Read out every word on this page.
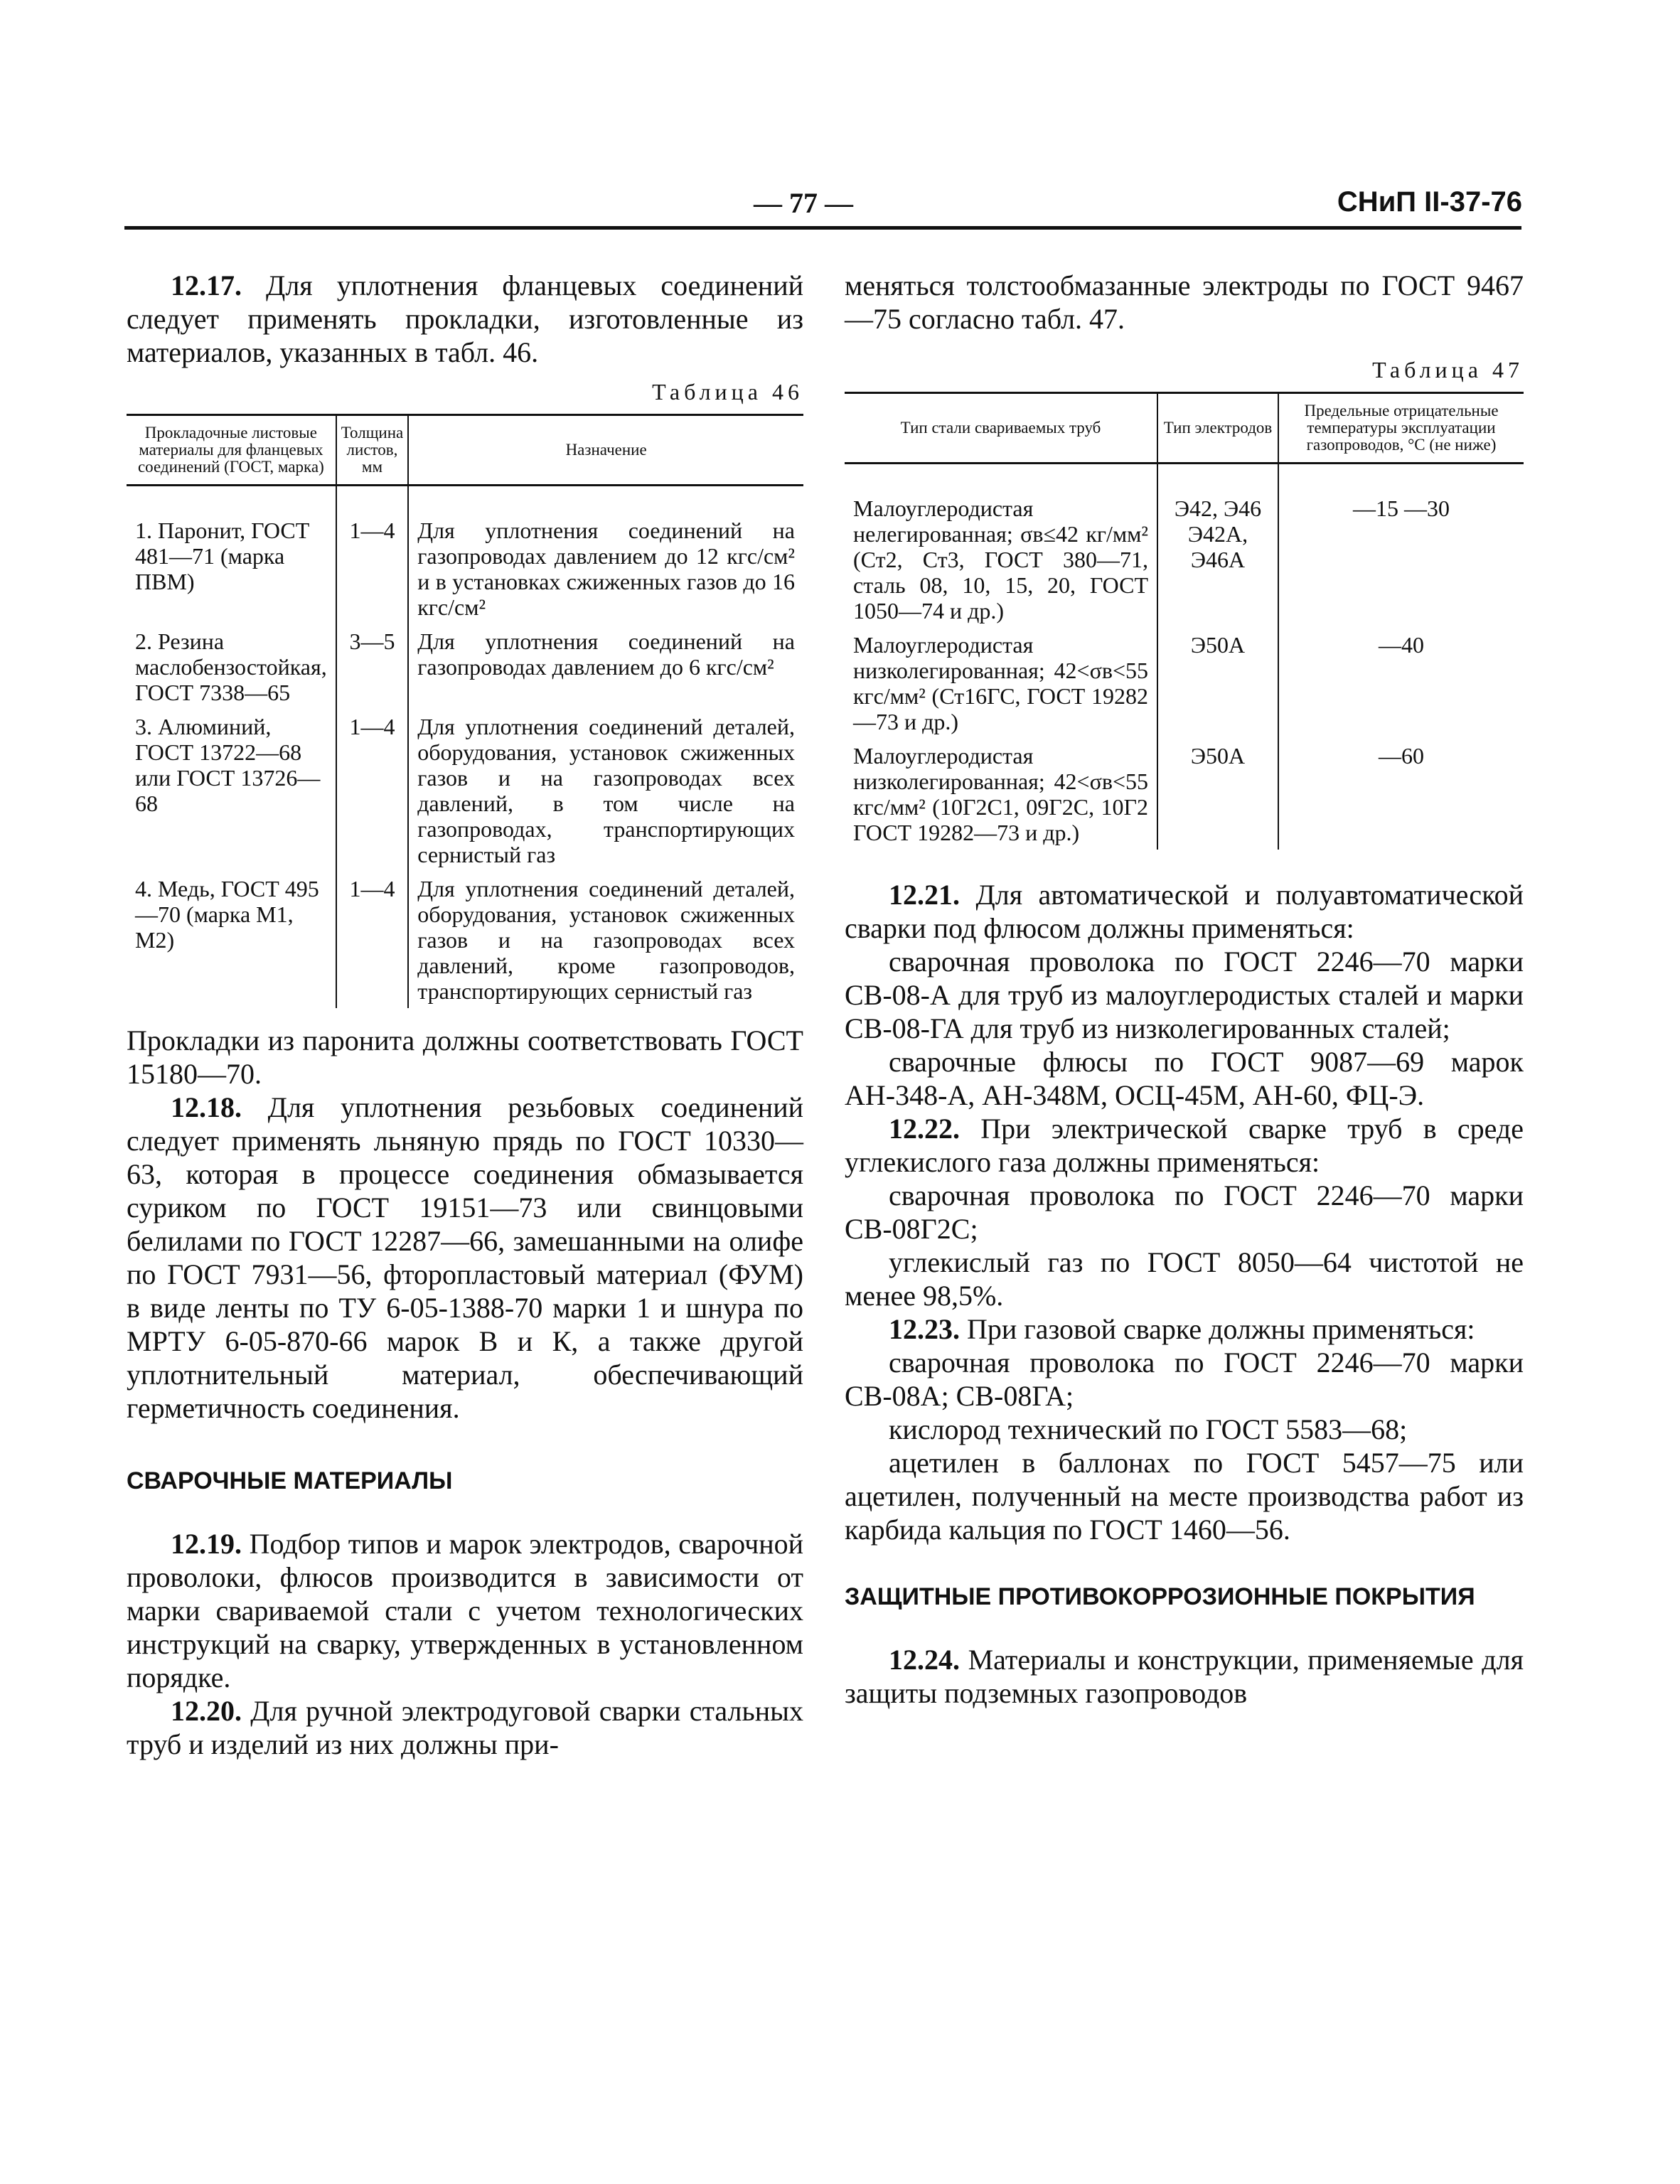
— 77 —	СНиП II-37-76

12.17. Для уплотнения фланцевых соединений следует применять прокладки, изготовленные из материалов, указанных в табл. 46.

Таблица 46
Прокладочные листовые материалы для фланцевых соединений (ГОСТ, марка)	Толщина листов, мм	Назначение
1. Паронит, ГОСТ 481—71 (марка ПВМ)	1—4	Для уплотнения соединений на газопроводах давлением до 12 кгс/см² и в установках сжиженных газов до 16 кгс/см²
2. Резина маслобензостойкая, ГОСТ 7338—65	3—5	Для уплотнения соединений на газопроводах давлением до 6 кгс/см²
3. Алюминий, ГОСТ 13722—68 или ГОСТ 13726—68	1—4	Для уплотнения соединений деталей, оборудования, установок сжиженных газов и на газопроводах всех давлений, в том числе на газопроводах, транспортирующих сернистый газ
4. Медь, ГОСТ 495—70 (марка М1, М2)	1—4	Для уплотнения соединений деталей, оборудования, установок сжиженных газов и на газопроводах всех давлений, кроме газопроводов, транспортирующих сернистый газ

Прокладки из паронита должны соответствовать ГОСТ 15180—70.

12.18. Для уплотнения резьбовых соединений следует применять льняную прядь по ГОСТ 10330—63, которая в процессе соединения обмазывается суриком по ГОСТ 19151—73 или свинцовыми белилами по ГОСТ 12287—66, замешанными на олифе по ГОСТ 7931—56, фторопластовый материал (ФУМ) в виде ленты по ТУ 6-05-1388-70 марки 1 и шнура по МРТУ 6-05-870-66 марок В и К, а также другой уплотнительный материал, обеспечивающий герметичность соединения.

СВАРОЧНЫЕ МАТЕРИАЛЫ

12.19. Подбор типов и марок электродов, сварочной проволоки, флюсов производится в зависимости от марки свариваемой стали с учетом технологических инструкций на сварку, утвержденных в установленном порядке.

12.20. Для ручной электродуговой сварки стальных труб и изделий из них должны при-

меняться толстообмазанные электроды по ГОСТ 9467—75 согласно табл. 47.

Таблица 47
Тип стали свариваемых труб	Тип электродов	Предельные отрицательные температуры эксплуатации газопроводов, °С (не ниже)
Малоуглеродистая нелегированная; σв≤42 кг/мм² (Ст2, Ст3, ГОСТ 380—71, сталь 08, 10, 15, 20, ГОСТ 1050—74 и др.)	Э42, Э46 Э42А, Э46А	—15 —30
Малоуглеродистая низколегированная; 42<σв<55 кгс/мм² (Ст16ГС, ГОСТ 19282—73 и др.)	Э50А	—40
Малоуглеродистая низколегированная; 42<σв<55 кгс/мм² (10Г2С1, 09Г2С, 10Г2 ГОСТ 19282—73 и др.)	Э50А	—60

12.21. Для автоматической и полуавтоматической сварки под флюсом должны применяться:

сварочная проволока по ГОСТ 2246—70 марки СВ-08-А для труб из малоуглеродистых сталей и марки СВ-08-ГА для труб из низколегированных сталей;

сварочные флюсы по ГОСТ 9087—69 марок АН-348-А, АН-348М, ОСЦ-45М, АН-60, ФЦ-Э.

12.22. При электрической сварке труб в среде углекислого газа должны применяться:

сварочная проволока по ГОСТ 2246—70 марки СВ-08Г2С;

углекислый газ по ГОСТ 8050—64 чистотой не менее 98,5%.

12.23. При газовой сварке должны применяться:

сварочная проволока по ГОСТ 2246—70 марки СВ-08А; СВ-08ГА;

кислород технический по ГОСТ 5583—68;

ацетилен в баллонах по ГОСТ 5457—75 или ацетилен, полученный на месте производства работ из карбида кальция по ГОСТ 1460—56.

ЗАЩИТНЫЕ ПРОТИВОКОРРОЗИОННЫЕ ПОКРЫТИЯ

12.24. Материалы и конструкции, применяемые для защиты подземных газопроводов
